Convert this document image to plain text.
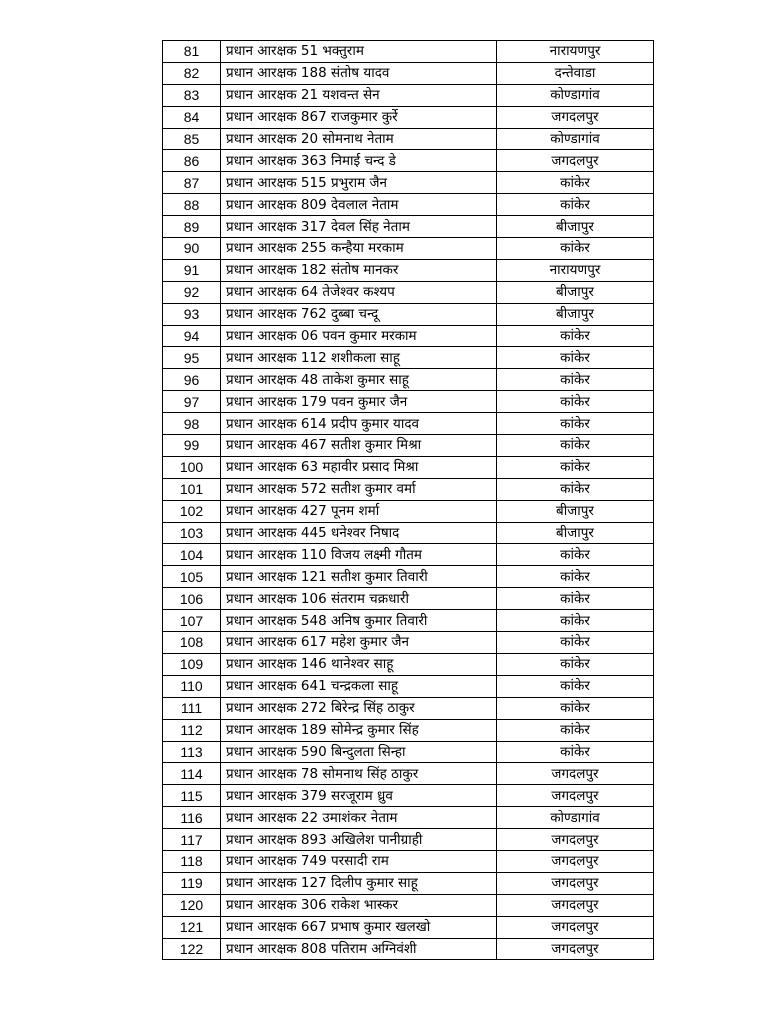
81	प्रधान आरक्षक 51 भक्तुराम	नारायणपुर
82	प्रधान आरक्षक 188 संतोष यादव	दन्तेवाडा
83	प्रधान आरक्षक 21 यशवन्त सेन	कोण्डागांव
84	प्रधान आरक्षक 867 राजकुमार कुर्रे	जगदलपुर
85	प्रधान आरक्षक 20 सोमनाथ नेताम	कोण्डागांव
86	प्रधान आरक्षक 363 निमाई चन्द डे	जगदलपुर
87	प्रधान आरक्षक 515 प्रभुराम जैन	कांकेर
88	प्रधान आरक्षक 809 देवलाल नेताम	कांकेर
89	प्रधान आरक्षक 317 देवल सिंह नेताम	बीजापुर
90	प्रधान आरक्षक 255 कन्हैया मरकाम	कांकेर
91	प्रधान आरक्षक 182 संतोष मानकर	नारायणपुर
92	प्रधान आरक्षक 64 तेजेश्वर कश्यप	बीजापुर
93	प्रधान आरक्षक 762 दुब्बा चन्दू	बीजापुर
94	प्रधान आरक्षक 06 पवन कुमार मरकाम	कांकेर
95	प्रधान आरक्षक 112 शशीकला साहू	कांकेर
96	प्रधान आरक्षक 48 ताकेश कुमार साहू	कांकेर
97	प्रधान आरक्षक 179 पवन कुमार जैन	कांकेर
98	प्रधान आरक्षक 614 प्रदीप कुमार यादव	कांकेर
99	प्रधान आरक्षक 467 सतीश कुमार मिश्रा	कांकेर
100	प्रधान आरक्षक 63 महावीर प्रसाद मिश्रा	कांकेर
101	प्रधान आरक्षक 572 सतीश कुमार वर्मा	कांकेर
102	प्रधान आरक्षक 427 पूनम शर्मा	बीजापुर
103	प्रधान आरक्षक 445 धनेश्वर निषाद	बीजापुर
104	प्रधान आरक्षक 110 विजय लक्ष्मी गौतम	कांकेर
105	प्रधान आरक्षक 121 सतीश कुमार तिवारी	कांकेर
106	प्रधान आरक्षक 106 संतराम चक्रधारी	कांकेर
107	प्रधान आरक्षक 548 अनिष कुमार तिवारी	कांकेर
108	प्रधान आरक्षक 617 महेश कुमार जैन	कांकेर
109	प्रधान आरक्षक 146 थानेश्वर साहू	कांकेर
110	प्रधान आरक्षक 641 चन्द्रकला साहू	कांकेर
111	प्रधान आरक्षक 272 बिरेन्द्र सिंह ठाकुर	कांकेर
112	प्रधान आरक्षक 189 सोमेन्द्र कुमार सिंह	कांकेर
113	प्रधान आरक्षक 590 बिन्दुलता सिन्हा	कांकेर
114	प्रधान आरक्षक 78 सोमनाथ सिंह ठाकुर	जगदलपुर
115	प्रधान आरक्षक 379 सरजूराम ध्रुव	जगदलपुर
116	प्रधान आरक्षक 22 उमाशंकर नेताम	कोण्डागांव
117	प्रधान आरक्षक 893 अखिलेश पानीग्राही	जगदलपुर
118	प्रधान आरक्षक 749 परसादी राम	जगदलपुर
119	प्रधान आरक्षक 127 दिलीप कुमार साहू	जगदलपुर
120	प्रधान आरक्षक 306 राकेश भास्कर	जगदलपुर
121	प्रधान आरक्षक 667 प्रभाष कुमार खलखो	जगदलपुर
122	प्रधान आरक्षक 808 पतिराम अग्निवंशी	जगदलपुर
